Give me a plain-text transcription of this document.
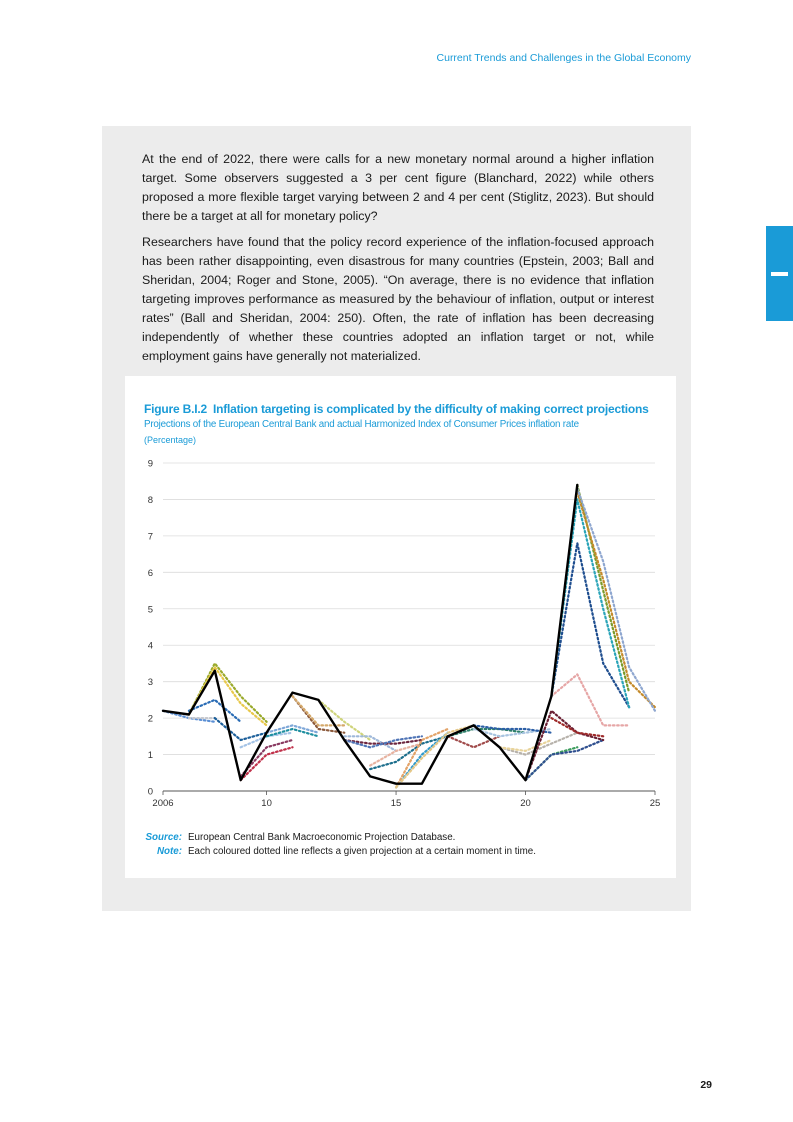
Current Trends and Challenges in the Global Economy

At the end of 2022, there were calls for a new monetary normal around a higher inflation target. Some observers suggested a 3 per cent figure (Blanchard, 2022) while others proposed a more flexible target varying between 2 and 4 per cent (Stiglitz, 2023). But should there be a target at all for monetary policy?

Researchers have found that the policy record experience of the inflation-focused approach has been rather disappointing, even disastrous for many countries (Epstein, 2003; Ball and Sheridan, 2004; Roger and Stone, 2005). “On average, there is no evidence that inflation targeting improves performance as measured by the behaviour of inflation, output or interest rates” (Ball and Sheridan, 2004: 250). Often, the rate of inflation has been decreasing independently of whether these countries adopted an inflation target or not, while employment gains have generally not materialized.

Figure B.I.2 Inflation targeting is complicated by the difficulty of making correct projections
Projections of the European Central Bank and actual Harmonized Index of Consumer Prices inflation rate
(Percentage)
0
1
2
3
4
5
6
7
8
9
2006	10	15	20	25
Source: European Central Bank Macroeconomic Projection Database.
Note: Each coloured dotted line reflects a given projection at a certain moment in time.
29
